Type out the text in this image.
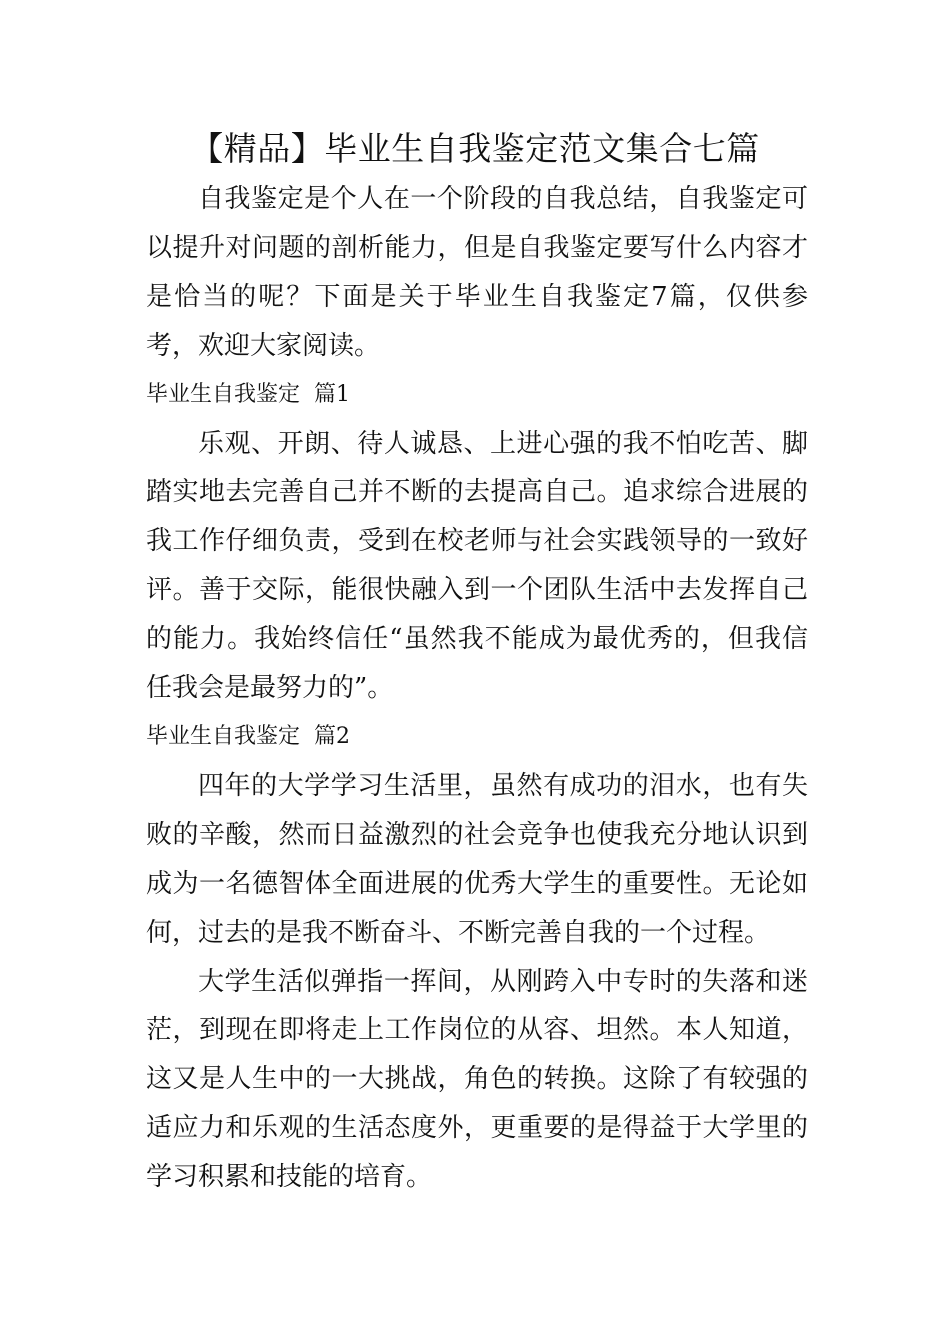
【精品】毕业生自我鉴定范文集合七篇

自我鉴定是个人在一个阶段的自我总结，自我鉴定可以提升对问题的剖析能力，但是自我鉴定要写什么内容才是恰当的呢？下面是关于毕业生自我鉴定7篇，仅供参考，欢迎大家阅读。

毕业生自我鉴定  篇1

乐观、开朗、待人诚恳、上进心强的我不怕吃苦、脚踏实地去完善自己并不断的去提高自己。追求综合进展的我工作仔细负责，受到在校老师与社会实践领导的一致好评。善于交际，能很快融入到一个团队生活中去发挥自己的能力。我始终信任“虽然我不能成为最优秀的，但我信任我会是最努力的”。

毕业生自我鉴定  篇2

四年的大学学习生活里，虽然有成功的泪水，也有失败的辛酸，然而日益激烈的社会竞争也使我充分地认识到成为一名德智体全面进展的优秀大学生的重要性。无论如何，过去的是我不断奋斗、不断完善自我的一个过程。

大学生活似弹指一挥间，从刚跨入中专时的失落和迷茫，到现在即将走上工作岗位的从容、坦然。本人知道，这又是人生中的一大挑战，角色的转换。这除了有较强的适应力和乐观的生活态度外，更重要的是得益于大学里的学习积累和技能的培育。
